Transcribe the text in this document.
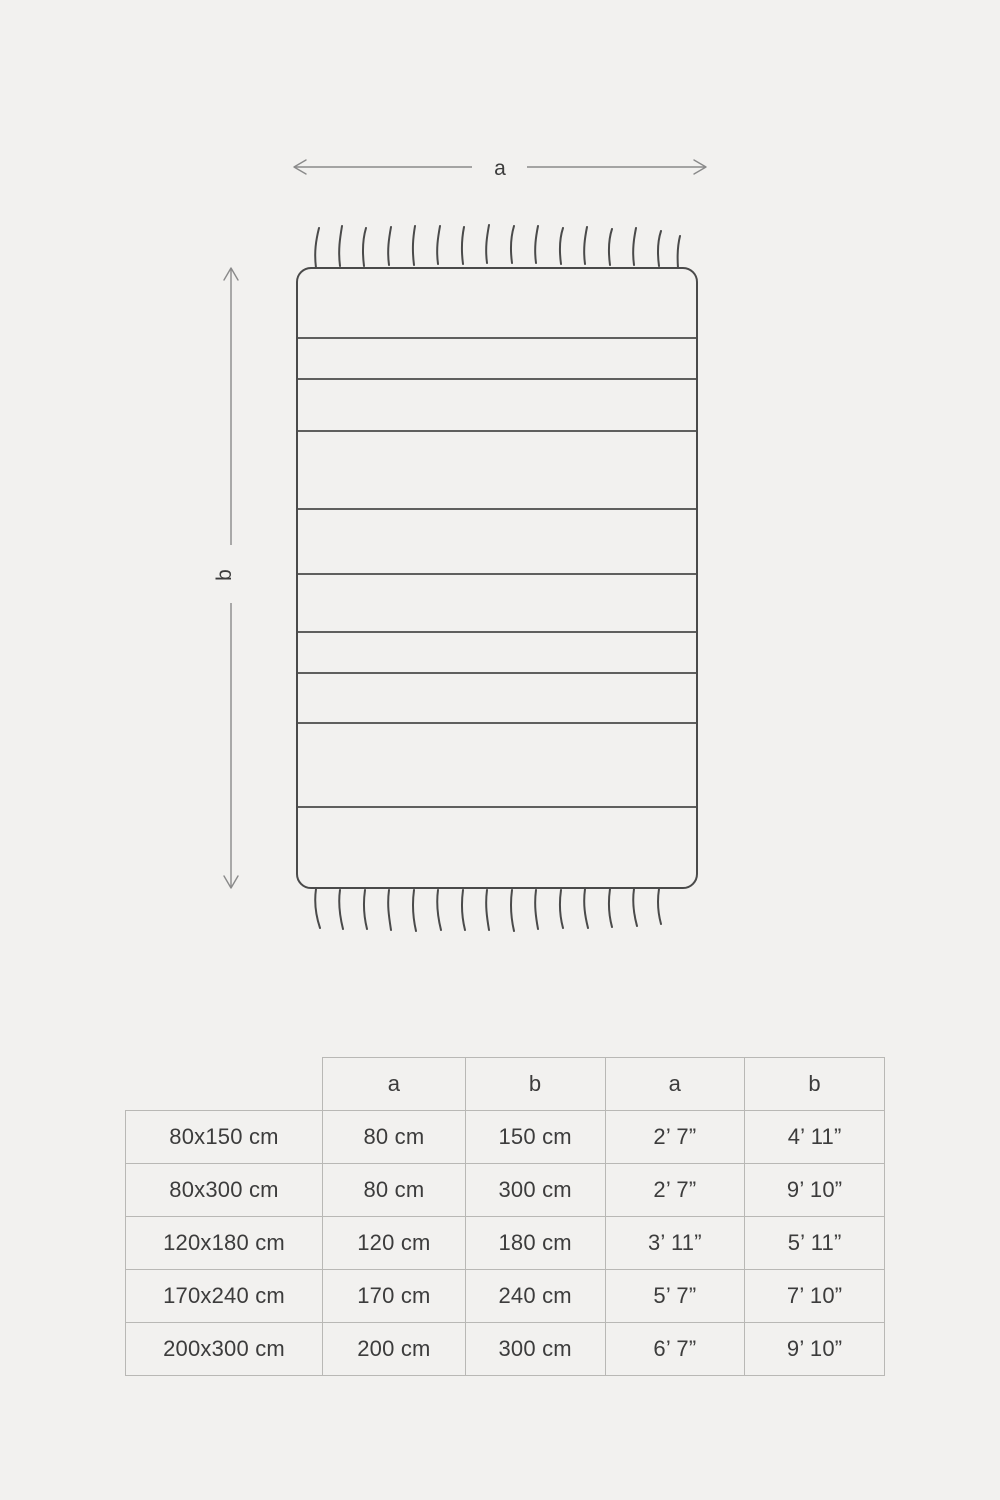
a
b
	a	b	a	b
80x150 cm	80 cm	150 cm	2’ 7”	4’ 11”
80x300 cm	80 cm	300 cm	2’ 7”	9’ 10”
120x180 cm	120 cm	180 cm	3’ 11”	5’ 11”
170x240 cm	170 cm	240 cm	5’ 7”	7’ 10”
200x300 cm	200 cm	300 cm	6’ 7”	9’ 10”
